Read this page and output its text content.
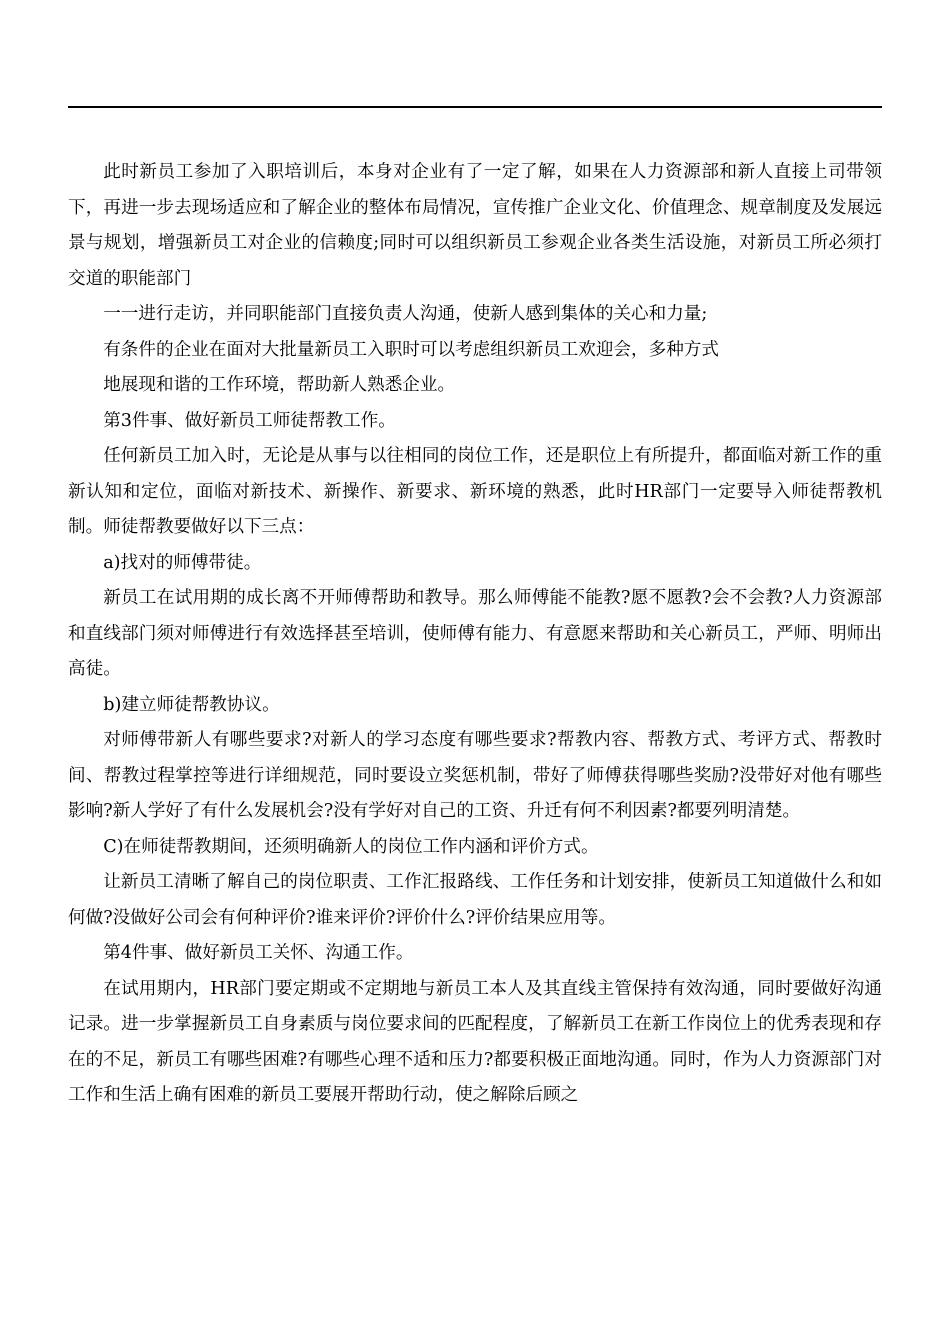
此时新员工参加了入职培训后，本身对企业有了一定了解，如果在人力资源部和新人直接上司带领下，再进一步去现场适应和了解企业的整体布局情况，宣传推广企业文化、价值理念、规章制度及发展远景与规划，增强新员工对企业的信赖度;同时可以组织新员工参观企业各类生活设施，对新员工所必须打交道的职能部门

一一进行走访，并同职能部门直接负责人沟通，使新人感到集体的关心和力量;

有条件的企业在面对大批量新员工入职时可以考虑组织新员工欢迎会，多种方式

地展现和谐的工作环境，帮助新人熟悉企业。

第3件事、做好新员工师徒帮教工作。

任何新员工加入时，无论是从事与以往相同的岗位工作，还是职位上有所提升，都面临对新工作的重新认知和定位，面临对新技术、新操作、新要求、新环境的熟悉，此时HR部门一定要导入师徒帮教机制。师徒帮教要做好以下三点：

a)找对的师傅带徒。

新员工在试用期的成长离不开师傅帮助和教导。那么师傅能不能教?愿不愿教?会不会教?人力资源部和直线部门须对师傅进行有效选择甚至培训，使师傅有能力、有意愿来帮助和关心新员工，严师、明师出高徒。

b)建立师徒帮教协议。

对师傅带新人有哪些要求?对新人的学习态度有哪些要求?帮教内容、帮教方式、考评方式、帮教时间、帮教过程掌控等进行详细规范，同时要设立奖惩机制，带好了师傅获得哪些奖励?没带好对他有哪些影响?新人学好了有什么发展机会?没有学好对自己的工资、升迁有何不利因素?都要列明清楚。

C)在师徒帮教期间，还须明确新人的岗位工作内涵和评价方式。

让新员工清晰了解自己的岗位职责、工作汇报路线、工作任务和计划安排，使新员工知道做什么和如何做?没做好公司会有何种评价?谁来评价?评价什么?评价结果应用等。

第4件事、做好新员工关怀、沟通工作。

在试用期内，HR部门要定期或不定期地与新员工本人及其直线主管保持有效沟通，同时要做好沟通记录。进一步掌握新员工自身素质与岗位要求间的匹配程度，了解新员工在新工作岗位上的优秀表现和存在的不足，新员工有哪些困难?有哪些心理不适和压力?都要积极正面地沟通。同时，作为人力资源部门对工作和生活上确有困难的新员工要展开帮助行动，使之解除后顾之
